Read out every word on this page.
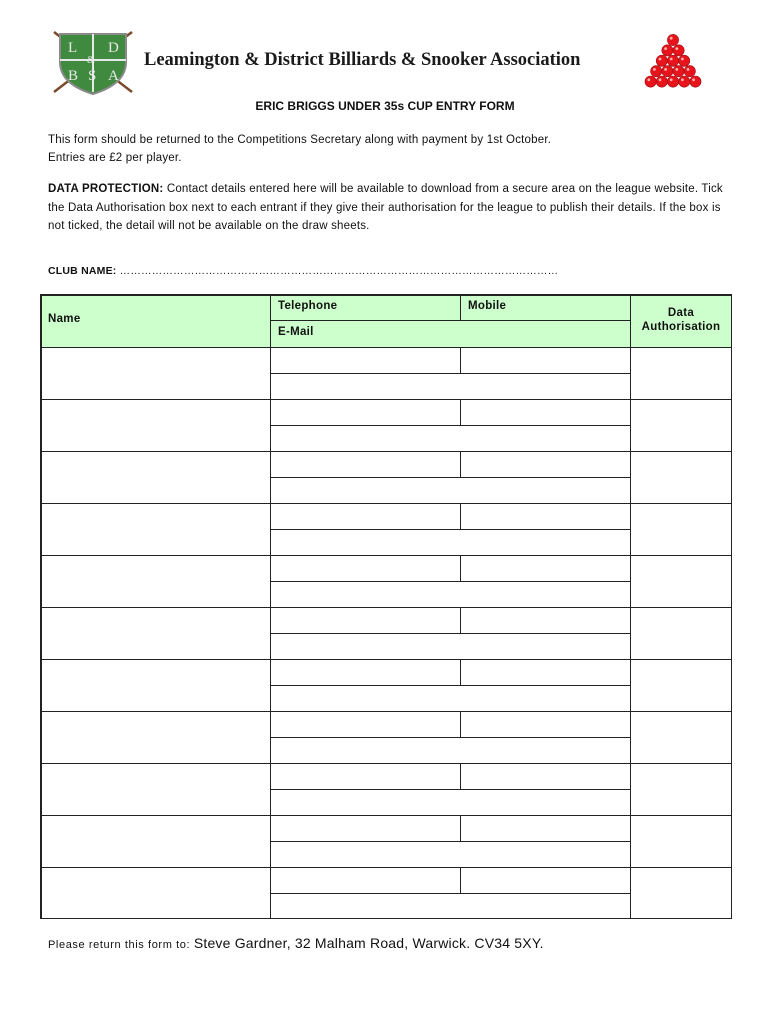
L D
B S A
&	Leamington & District Billiards & Snooker Association
ERIC BRIGGS UNDER 35s CUP ENTRY FORM
This form should be returned to the Competitions Secretary along with payment by 1st October.
Entries are £2 per player.
DATA PROTECTION: Contact details entered here will be available to download from a secure area on the league website. Tick the Data Authorisation box next to each entrant if they give their authorisation for the league to publish their details. If the box is not ticked, the detail will not be available on the draw sheets.
CLUB NAME: ……………………………………………………………………………………………………………
Name
Telephone	Mobile
E-Mail
Data
Authorisation
Please return this form to: Steve Gardner, 32 Malham Road, Warwick. CV34 5XY.
